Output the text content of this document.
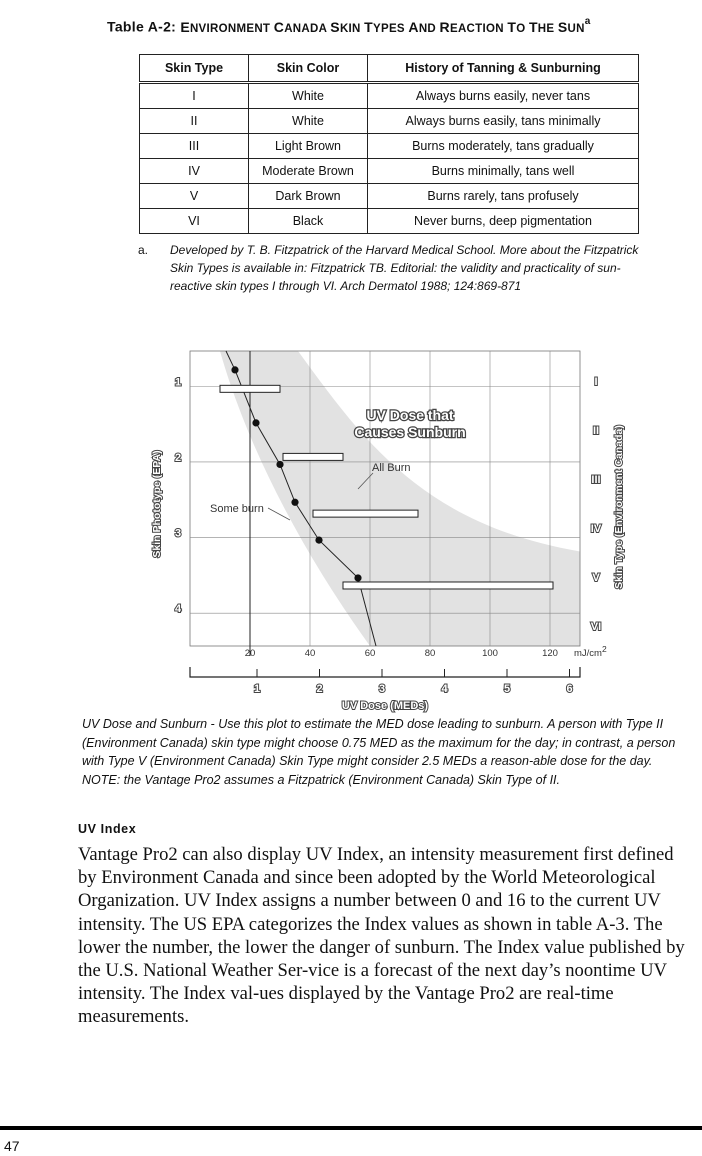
Table A-2: ENVIRONMENT CANADA SKIN TYPES AND REACTION TO THE SUN$^a$
Skin Type	Skin Color	History of Tanning & Sunburning
I	White	Always burns easily, never tans
II	White	Always burns easily, tans minimally
III	Light Brown	Burns moderately, tans gradually
IV	Moderate Brown	Burns minimally, tans well
V	Dark Brown	Burns rarely, tans profusely
VI	Black	Never burns, deep pigmentation
a. Developed by T. B. Fitzpatrick of the Harvard Medical School. More about the Fitzpatrick Skin Types is available in: Fitzpatrick TB. Editorial: the validity and practicality of sun-reactive skin types I through VI. Arch Dermatol 1988; 124:869-871
UV Dose that
Causes Sunburn
All Burn
Some burn
1
2
3
4
I
II
III
IV
V
VI
20	40	60	80	100	120 mJ/cm2
1	2	3	4	5	6
UV Dose (MEDs)
Skin Phototype (EPA)	Skin Type (Environment Canada)
UV Dose and Sunburn - Use this plot to estimate the MED dose leading to sunburn. A person with Type II (Environment Canada) skin type might choose 0.75 MED as the maximum for the day; in contrast, a person with Type V (Environment Canada) Skin Type might consider 2.5 MEDs a reason-able dose for the day. NOTE: the Vantage Pro2 assumes a Fitzpatrick (Environment Canada) Skin Type of II.
UV Index
Vantage Pro2 can also display UV Index, an intensity measurement first defined by Environment Canada and since been adopted by the World Meteorological Organization. UV Index assigns a number between 0 and 16 to the current UV intensity. The US EPA categorizes the Index values as shown in table A-3. The lower the number, the lower the danger of sunburn. The Index value published by the U.S. National Weather Ser-vice is a forecast of the next day’s noontime UV intensity. The Index val-ues displayed by the Vantage Pro2 are real-time measurements.
47
